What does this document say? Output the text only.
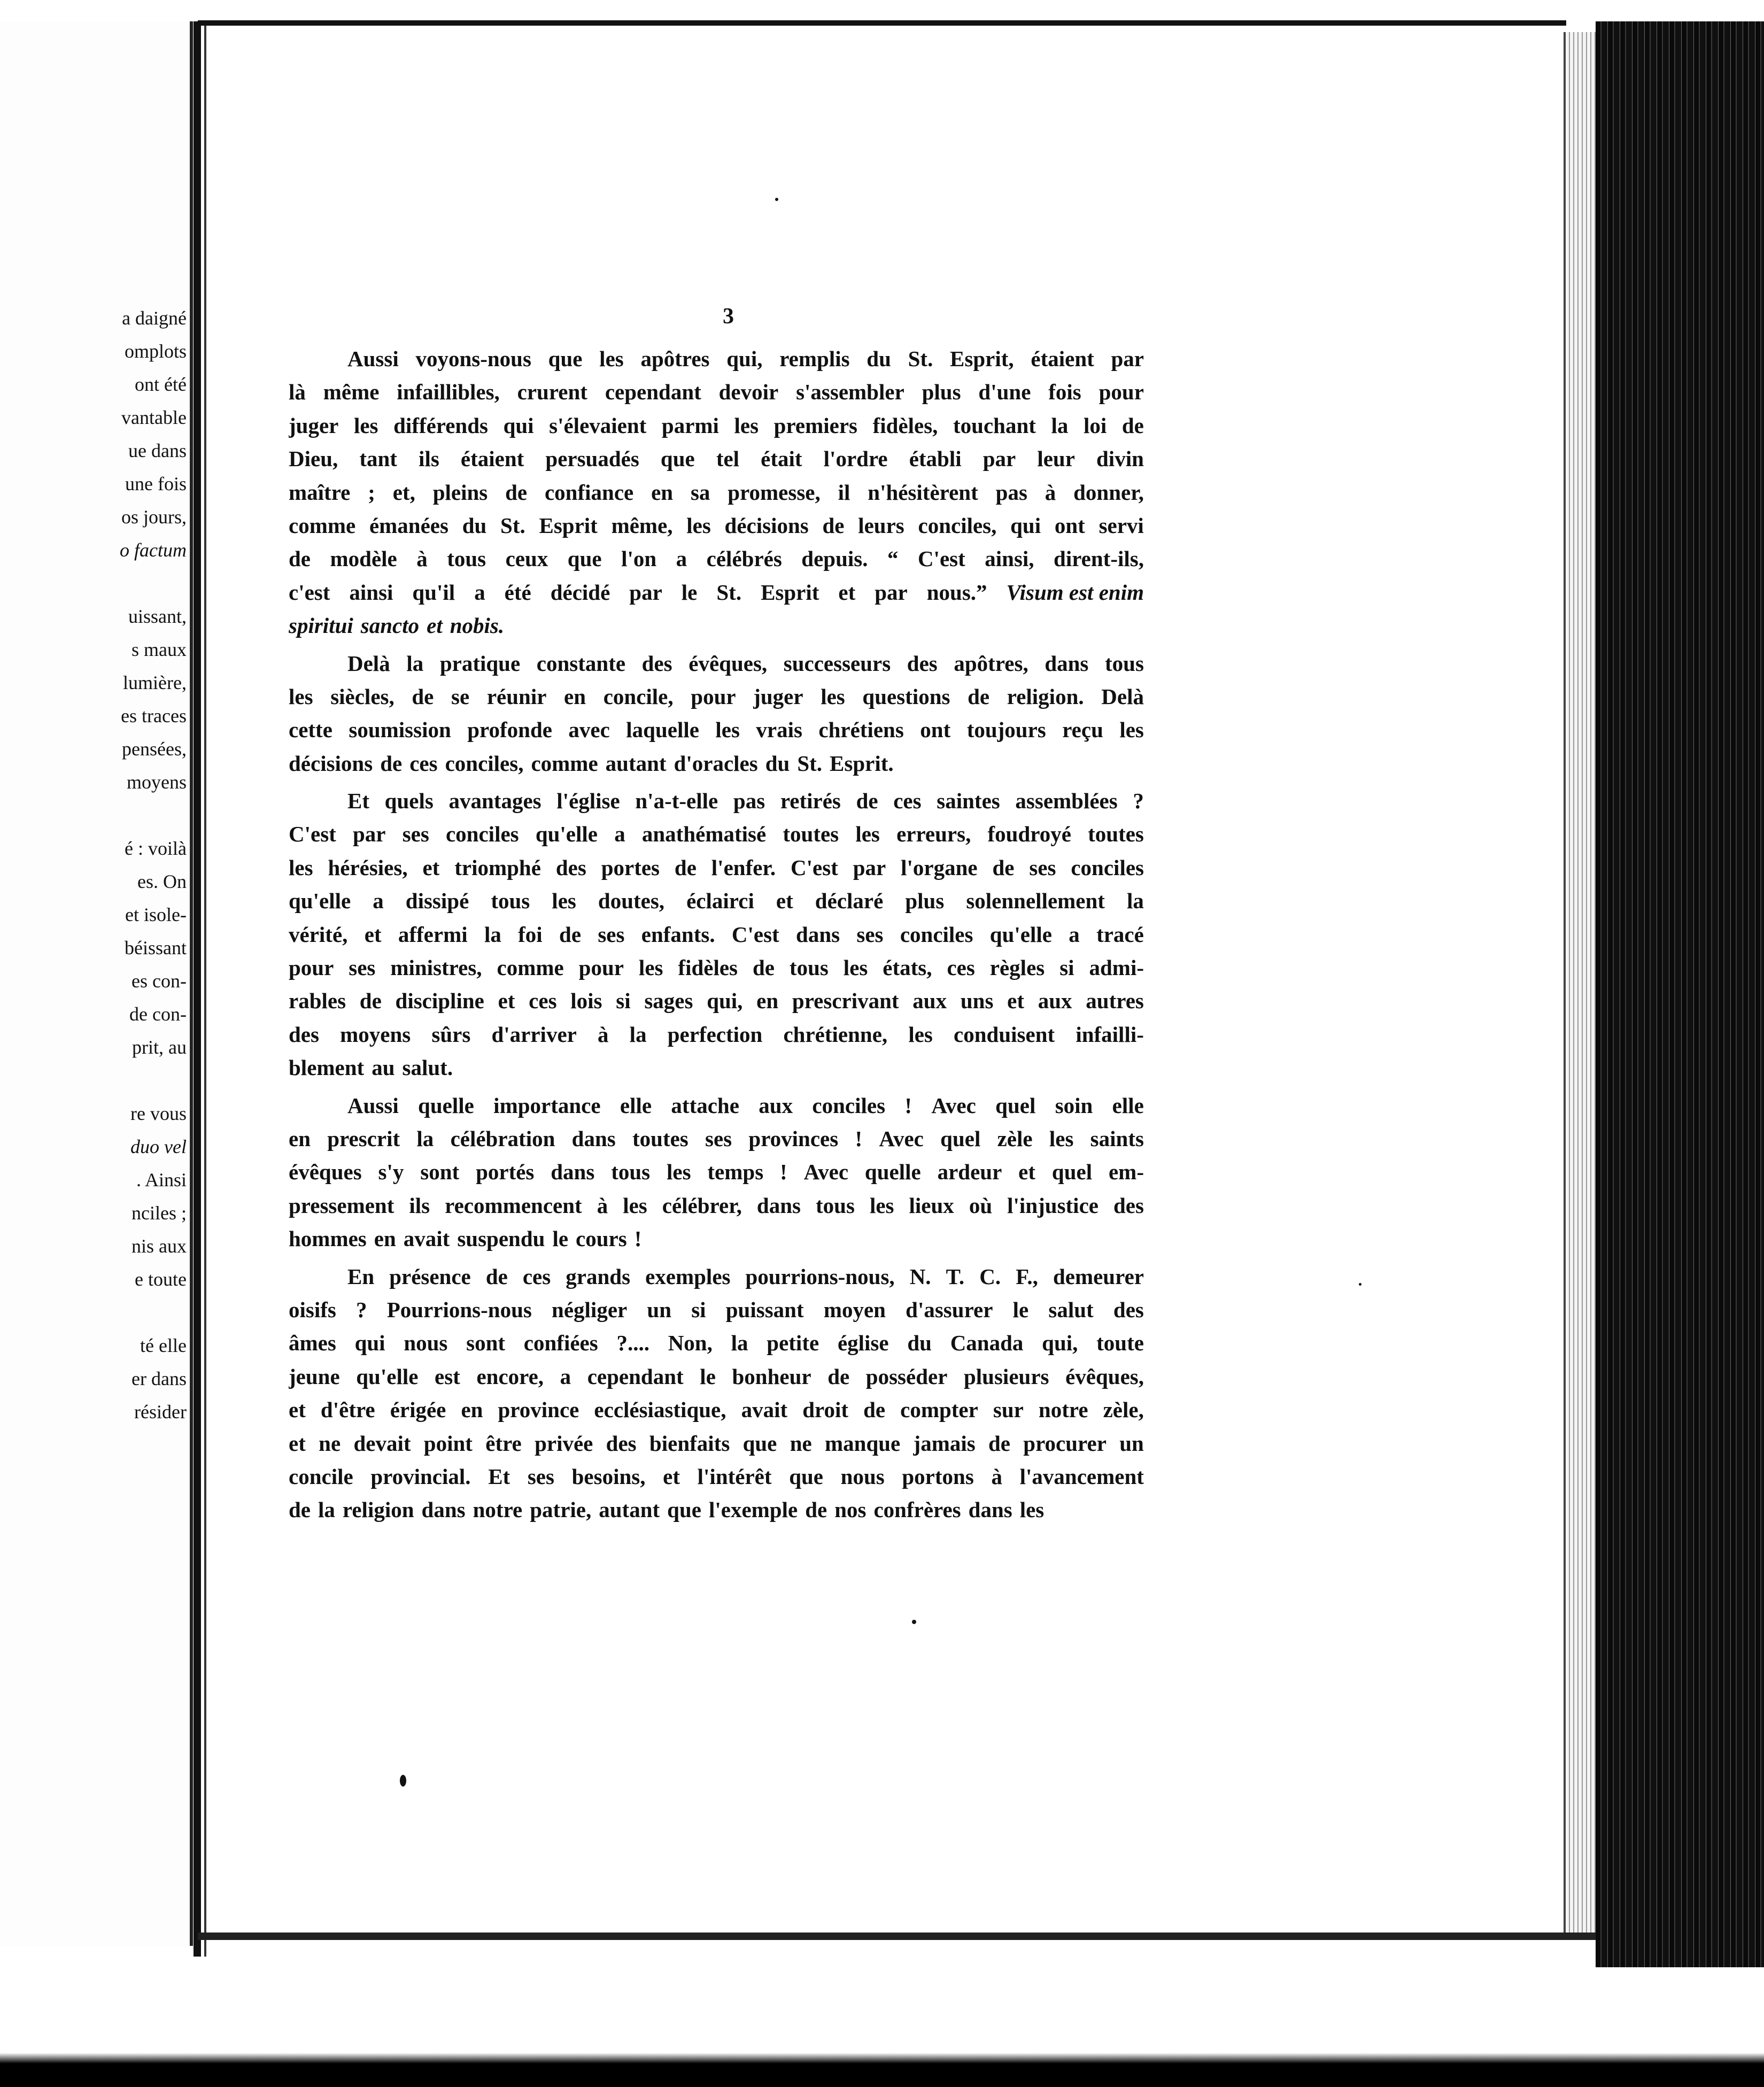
a daigné
omplots
ont été
vantable
ue dans
une fois
os jours,
o factum
uissant,
s maux
lumière,
es traces
pensées,
moyens
é : voilà
es. On
et isole-
béissant
es con-
de con-
prit, au
re vous
duo vel
. Ainsi
nciles ;
nis aux
e toute
té elle
er dans
résider
3
Aussi voyons-nous que les apôtres qui, remplis du St. Esprit, étaient par
là même infaillibles, crurent cependant devoir s'assembler plus d'une fois pour
juger les différends qui s'élevaient parmi les premiers fidèles, touchant la loi de
Dieu, tant ils étaient persuadés que tel était l'ordre établi par leur divin
maître ; et, pleins de confiance en sa promesse, il n'hésitèrent pas à donner,
comme émanées du St. Esprit même, les décisions de leurs conciles, qui ont servi
de modèle à tous ceux que l'on a célébrés depuis. “ C'est ainsi, dirent-ils,
c'est ainsi qu'il a été décidé par le St. Esprit et par nous.” Visum est enim
spiritui sancto et nobis.
Delà la pratique constante des évêques, successeurs des apôtres, dans tous
les siècles, de se réunir en concile, pour juger les questions de religion. Delà
cette soumission profonde avec laquelle les vrais chrétiens ont toujours reçu les
décisions de ces conciles, comme autant d'oracles du St. Esprit.
Et quels avantages l'église n'a-t-elle pas retirés de ces saintes assemblées ?
C'est par ses conciles qu'elle a anathématisé toutes les erreurs, foudroyé toutes
les hérésies, et triomphé des portes de l'enfer. C'est par l'organe de ses conciles
qu'elle a dissipé tous les doutes, éclairci et déclaré plus solennellement la
vérité, et affermi la foi de ses enfants. C'est dans ses conciles qu'elle a tracé
pour ses ministres, comme pour les fidèles de tous les états, ces règles si admi-
rables de discipline et ces lois si sages qui, en prescrivant aux uns et aux autres
des moyens sûrs d'arriver à la perfection chrétienne, les conduisent infailli-
blement au salut.
Aussi quelle importance elle attache aux conciles ! Avec quel soin elle
en prescrit la célébration dans toutes ses provinces ! Avec quel zèle les saints
évêques s'y sont portés dans tous les temps ! Avec quelle ardeur et quel em-
pressement ils recommencent à les célébrer, dans tous les lieux où l'injustice des
hommes en avait suspendu le cours !
En présence de ces grands exemples pourrions-nous, N. T. C. F., demeurer
oisifs ? Pourrions-nous négliger un si puissant moyen d'assurer le salut des
âmes qui nous sont confiées ?.... Non, la petite église du Canada qui, toute
jeune qu'elle est encore, a cependant le bonheur de posséder plusieurs évêques,
et d'être érigée en province ecclésiastique, avait droit de compter sur notre zèle,
et ne devait point être privée des bienfaits que ne manque jamais de procurer un
concile provincial. Et ses besoins, et l'intérêt que nous portons à l'avancement
de la religion dans notre patrie, autant que l'exemple de nos confrères dans les
